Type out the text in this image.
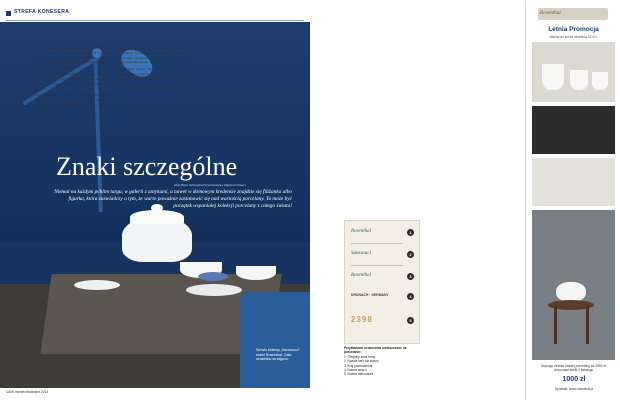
STREFA KONESERA
Znaki szczególne
tekst Marta Jankowska-Krzyżanowska • zdjęcia Archiwum
Niemal na każdym pchlim targu, w galerii z antykami, a nawet w domowym kredensie znajdzie się filiżanka albo figurka, która zaświadczy o tym, że warto poważnie zastanowić się nad wartością porcelany. To może być początek wspaniałej kolekcji porcelany z całego świata!
Serwis stołowy „Sanssouci” marki Rosenthal. Cała ceramika na zdjęciu.
D&W marzec/kwiecień 2014

Sygnatury to kodeks kolekcjonera. Niewielki znak umieszczony na spodzie przedmiotu pozwala ustalić, w której manufakturze powstał i w jakim okresie. Dzięki niemu można odróżnić oryginał od naśladownictwa czy podróbki.

Najstarsze europejskie manufaktury stosowały sygnatury już w XVIII wieku. Słynne skrzyżowane miecze z Miśni to jeden z najbardziej rozpoznawalnych znaków na świecie.

Znaki zmieniały się wraz z właścicielami fabryk, granicami państw i modą. Dlatego warto sięgać po katalogi sygnatur, które pomagają dokładnie datować przedmioty.

Najważniejsze jest, by dokładnie przyjrzeć się sygnaturze: jej kolorowi, kształtowi oraz technice wykonania. Malowana podszkliwnie różni się od naklejanej kalkomanii.

Od drugiej połowy XIX wieku znaki zawierały zwykle nazwę kraju pochodzenia. Napis „Made in” pomaga określić wiek porcelany.

Na zdjęciu obok kolejne sygnatury manufaktury Rosenthal.

Rosenthal	1
Sanssouci	2
Rosenthal	3
KRONACH · GERMANY	4
2398	5
Przykładowe oznaczenia umieszczone na porcelanie:
1. Oficjalny znak firmy
2. Nazwa serii lub wzoru
3. Kraj pochodzenia
4. Numer wzoru
5. Numer dekoratora
Rosenthal
Letnia Promocja
Ważna do końca września 2014 r.
Kupując zestaw każdej porcelany za 2800 zł, otrzymasz stolik z katalogu.
1000 zł
Sprawdź: www.rosenthal.pl
